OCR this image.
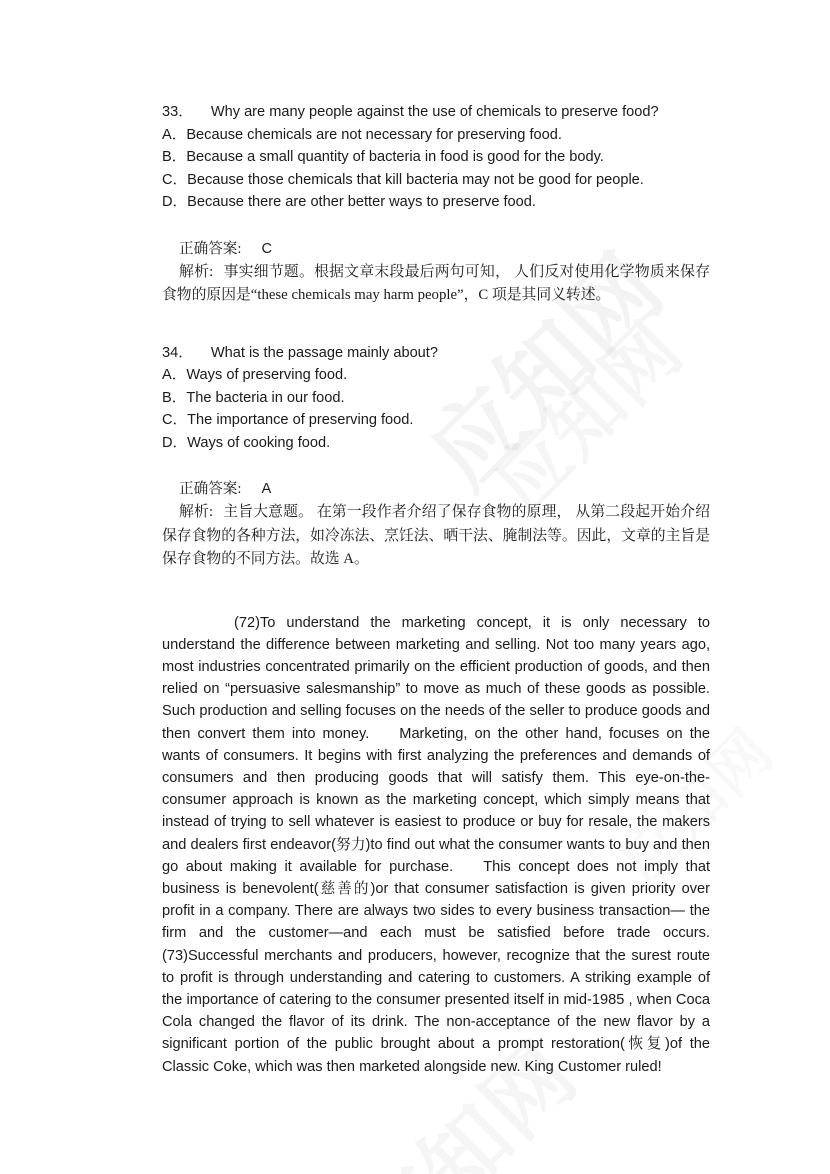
33． Why are many people against the use of chemicals to preserve food?
A．Because chemicals are not necessary for preserving food.
B．Because a small quantity of bacteria in food is good for the body.
C．Because those chemicals that kill bacteria may not be good for people.
D．Because there are other better ways to preserve food.
正确答案: C
解析: 事实细节题。根据文章末段最后两句可知， 人们反对使用化学物质来保存食物的原因是“these chemicals may harm people”，C 项是其同义转述。
34． What is the passage mainly about?
A．Ways of preserving food.
B．The bacteria in our food.
C．The importance of preserving food.
D．Ways of cooking food.
正确答案: A
解析: 主旨大意题。 在第一段作者介绍了保存食物的原理， 从第二段起开始介绍保存食物的各种方法，如冷冻法、烹饪法、晒干法、腌制法等。因此，文章的主旨是保存食物的不同方法。故选 A。

(72)To understand the marketing concept, it is only necessary to understand the difference between marketing and selling. Not too many years ago, most industries concentrated primarily on the efficient production of goods, and then relied on “persuasive salesmanship” to move as much of these goods as possible. Such production and selling focuses on the needs of the seller to produce goods and then convert them into money. Marketing, on the other hand, focuses on the wants of consumers. It begins with first analyzing the preferences and demands of consumers and then producing goods that will satisfy them. This eye-on-the-consumer approach is known as the marketing concept, which simply means that instead of trying to sell whatever is easiest to produce or buy for resale, the makers and dealers first endeavor(努力)to find out what the consumer wants to buy and then go about making it available for purchase. This concept does not imply that business is benevolent(慈善的)or that consumer satisfaction is given priority over profit in a company. There are always two sides to every business transaction— the firm and the customer—and each must be satisfied before trade occurs.(73)Successful merchants and producers, however, recognize that the surest route to profit is through understanding and catering to customers. A striking example of the importance of catering to the consumer presented itself in mid-1985 , when Coca Cola changed the flavor of its drink. The non-acceptance of the new flavor by a significant portion of the public brought about a prompt restoration(恢复)of the Classic Coke, which was then marketed alongside new. King Customer ruled!
